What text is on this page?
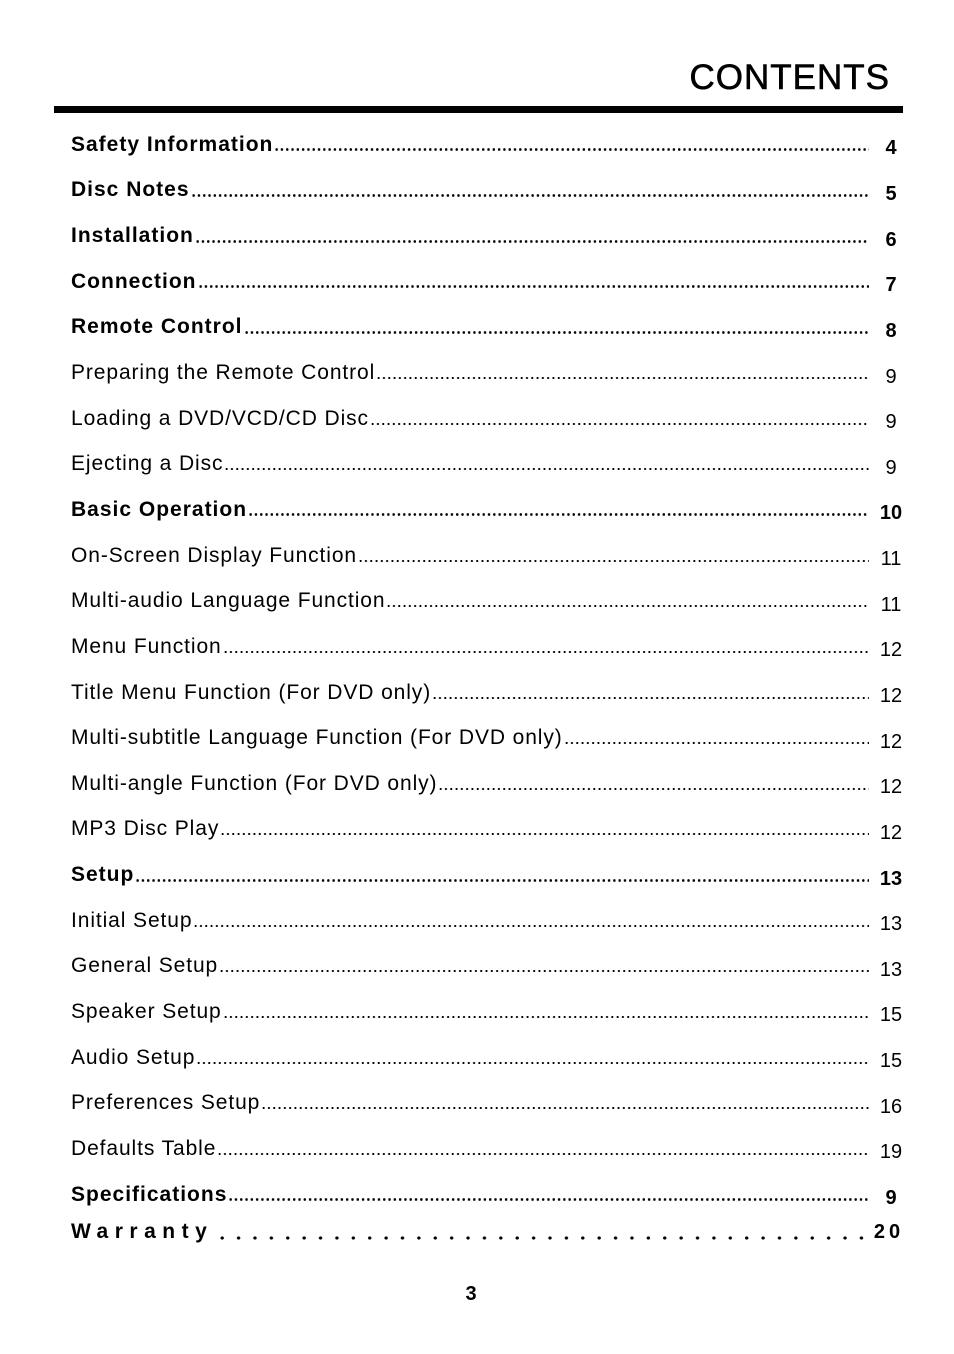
CONTENTS
Safety Information	4
Disc Notes	5
Installation	6
Connection	7
Remote Control	8
Preparing the Remote Control	9
Loading a DVD/VCD/CD Disc	9
Ejecting a Disc	9
Basic Operation	10
On-Screen Display Function	11
Multi-audio Language Function	11
Menu Function	12
Title Menu Function (For DVD only)	12
Multi-subtitle Language Function (For DVD only)	12
Multi-angle Function (For DVD only)	12
MP3 Disc Play	12
Setup	13
Initial Setup	13
General Setup	13
Speaker Setup	15
Audio Setup	15
Preferences Setup	16
Defaults Table	19
Specifications	9
Warranty	20
3
